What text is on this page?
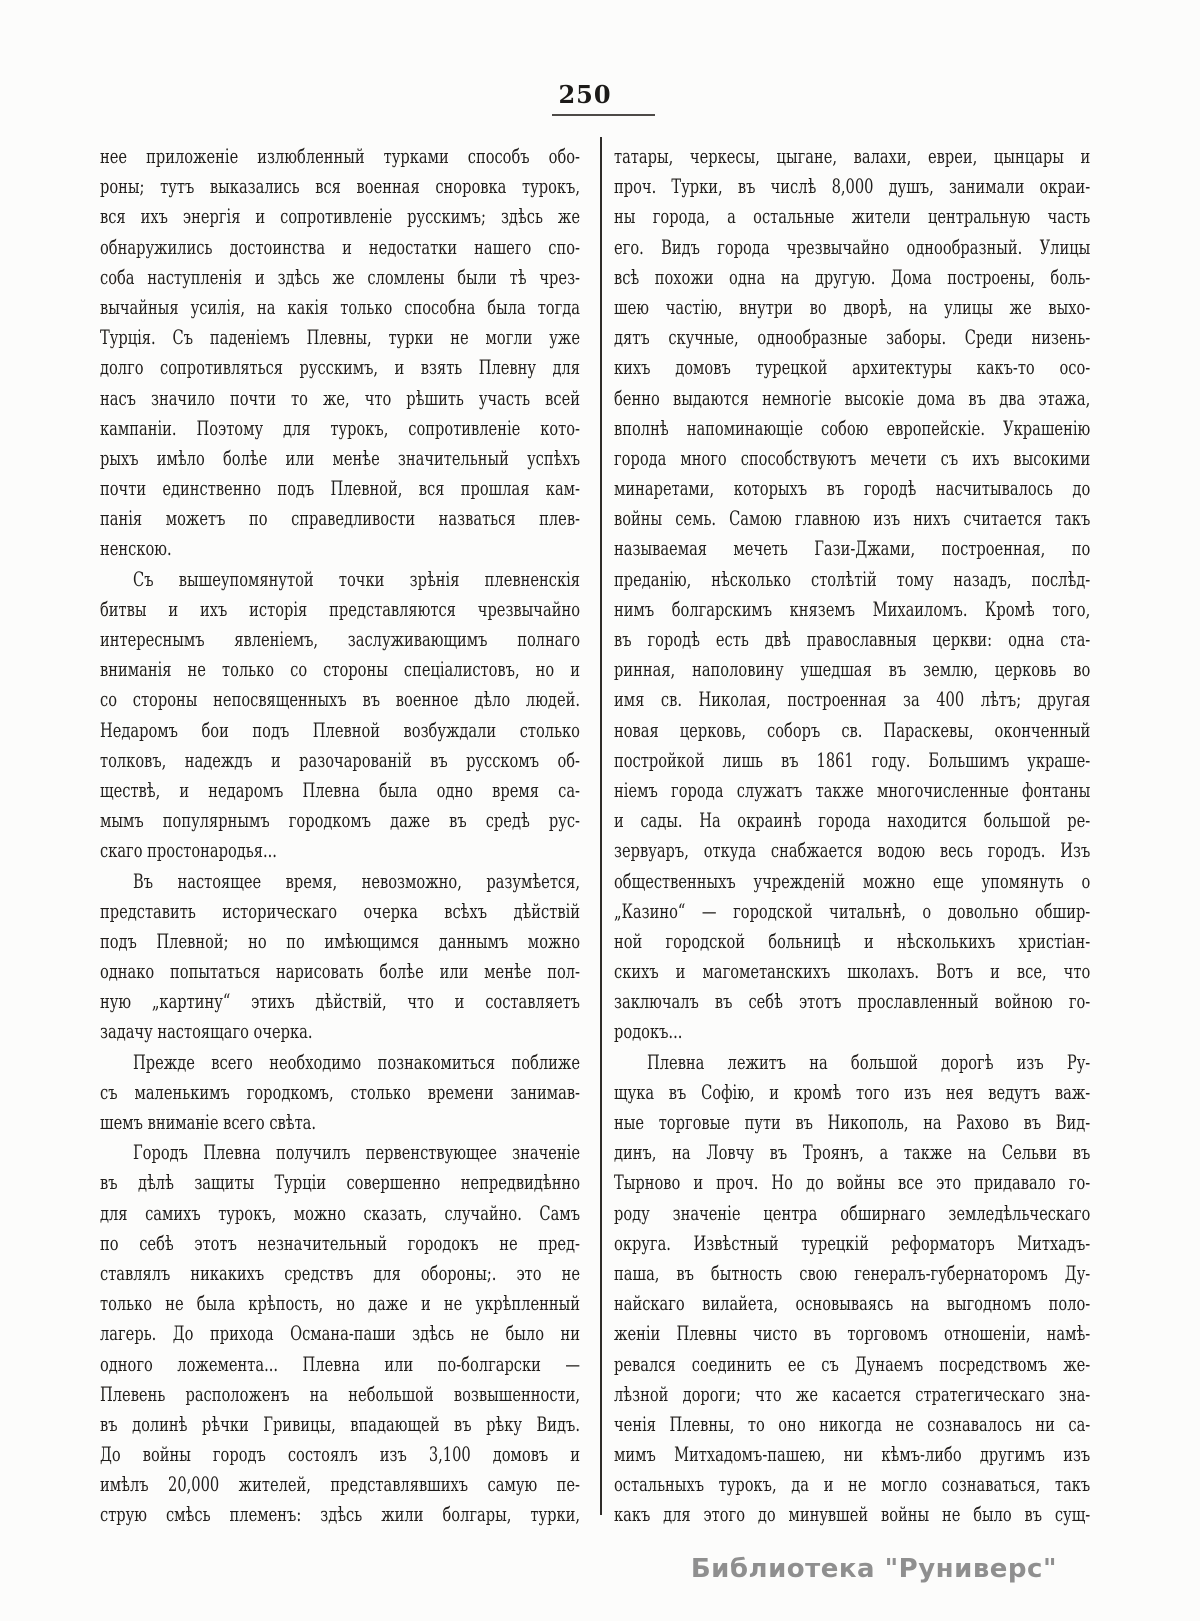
250
нее приложеніе излюбленный турками способъ обо-
роны; тутъ выказались вся военная сноровка турокъ,
вся ихъ энергія и сопротивленіе русскимъ; здѣсь же
обнаружились достоинства и недостатки нашего спо-
соба наступленія и здѣсь же сломлены были тѣ чрез-
вычайныя усилія, на какія только способна была тогда
Турція. Съ паденіемъ Плевны, турки не могли уже
долго сопротивляться русскимъ, и взять Плевну для
насъ значило почти то же, что рѣшить участь всей
кампаніи. Поэтому для турокъ, сопротивленіе кото-
рыхъ имѣло болѣе или менѣе значительный успѣхъ
почти единственно подъ Плевной, вся прошлая кам-
панія можетъ по справедливости назваться плев-
ненскою.
Съ вышеупомянутой точки зрѣнія плевненскія
битвы и ихъ исторія представляются чрезвычайно
интереснымъ явленіемъ, заслуживающимъ полнаго
вниманія не только со стороны спеціалистовъ, но и
со стороны непосвященныхъ въ военное дѣло людей.
Недаромъ бои подъ Плевной возбуждали столько
толковъ, надеждъ и разочарованій въ русскомъ об-
ществѣ, и недаромъ Плевна была одно время са-
мымъ популярнымъ городкомъ даже въ средѣ рус-
скаго простонародья...
Въ настоящее время, невозможно, разумѣется,
представить историческаго очерка всѣхъ дѣйствій
подъ Плевной; но по имѣющимся даннымъ можно
однако попытаться нарисовать болѣе или менѣе пол-
ную „картину“ этихъ дѣйствій, что и составляетъ
задачу настоящаго очерка.
Прежде всего необходимо познакомиться поближе
съ маленькимъ городкомъ, столько времени занимав-
шемъ вниманіе всего свѣта.
Городъ Плевна получилъ первенствующее значеніе
въ дѣлѣ защиты Турціи совершенно непредвидѣнно
для самихъ турокъ, можно сказать, случайно. Самъ
по себѣ этотъ незначительный городокъ не пред-
ставлялъ никакихъ средствъ для обороны;. это не
только не была крѣпость, но даже и не укрѣпленный
лагерь. До прихода Османа-паши здѣсь не было ни
одного ложемента... Плевна или по-болгарски —
Плевень расположенъ на небольшой возвышенности,
въ долинѣ рѣчки Гривицы, впадающей въ рѣку Видъ.
До войны городъ состоялъ изъ 3,100 домовъ и
имѣлъ 20,000 жителей, представлявшихъ самую пе-
струю смѣсь племенъ: здѣсь жили болгары, турки,
татары, черкесы, цыгане, валахи, евреи, цынцары и
проч. Турки, въ числѣ 8,000 душъ, занимали окраи-
ны города, а остальные жители центральную часть
его. Видъ города чрезвычайно однообразный. Улицы
всѣ похожи одна на другую. Дома построены, боль-
шею частію, внутри во дворѣ, на улицы же выхо-
дятъ скучные, однообразные заборы. Среди низень-
кихъ домовъ турецкой архитектуры какъ-то осо-
бенно выдаются немногіе высокіе дома въ два этажа,
вполнѣ напоминающіе собою европейскіе. Украшенію
города много способствуютъ мечети съ ихъ высокими
минаретами, которыхъ въ городѣ насчитывалось до
войны семь. Самою главною изъ нихъ считается такъ
называемая мечеть Гази-Джами, построенная, по
преданію, нѣсколько столѣтій тому назадъ, послѣд-
нимъ болгарскимъ княземъ Михаиломъ. Кромѣ того,
въ городѣ есть двѣ православныя церкви: одна ста-
ринная, наполовину ушедшая въ землю, церковь во
имя св. Николая, построенная за 400 лѣтъ; другая
новая церковь, соборъ св. Параскевы, оконченный
постройкой лишь въ 1861 году. Большимъ украше-
ніемъ города служатъ также многочисленные фонтаны
и сады. На окраинѣ города находится большой ре-
зервуаръ, откуда снабжается водою весь городъ. Изъ
общественныхъ учрежденій можно еще упомянуть о
„Казино“ — городской читальнѣ, о довольно обшир-
ной городской больницѣ и нѣсколькихъ христіан-
скихъ и магометанскихъ школахъ. Вотъ и все, что
заключалъ въ себѣ этотъ прославленный войною го-
родокъ...
Плевна лежитъ на большой дорогѣ изъ Ру-
щука въ Софію, и кромѣ того изъ нея ведутъ важ-
ные торговые пути въ Никополь, на Рахово въ Вид-
динъ, на Ловчу въ Троянъ, а также на Сельви въ
Тырново и проч. Но до войны все это придавало го-
роду значеніе центра обширнаго земледѣльческаго
округа. Извѣстный турецкій реформаторъ Митхадъ-
паша, въ бытность свою генералъ-губернаторомъ Ду-
найскаго вилайета, основываясь на выгодномъ поло-
женіи Плевны чисто въ торговомъ отношеніи, намѣ-
ревался соединить ее съ Дунаемъ посредствомъ же-
лѣзной дороги; что же касается стратегическаго зна-
ченія Плевны, то оно никогда не сознавалось ни са-
мимъ Митхадомъ-пашею, ни кѣмъ-либо другимъ изъ
остальныхъ турокъ, да и не могло сознаваться, такъ
какъ для этого до минувшей войны не было въ сущ-
Библиотека "Руниверс"
